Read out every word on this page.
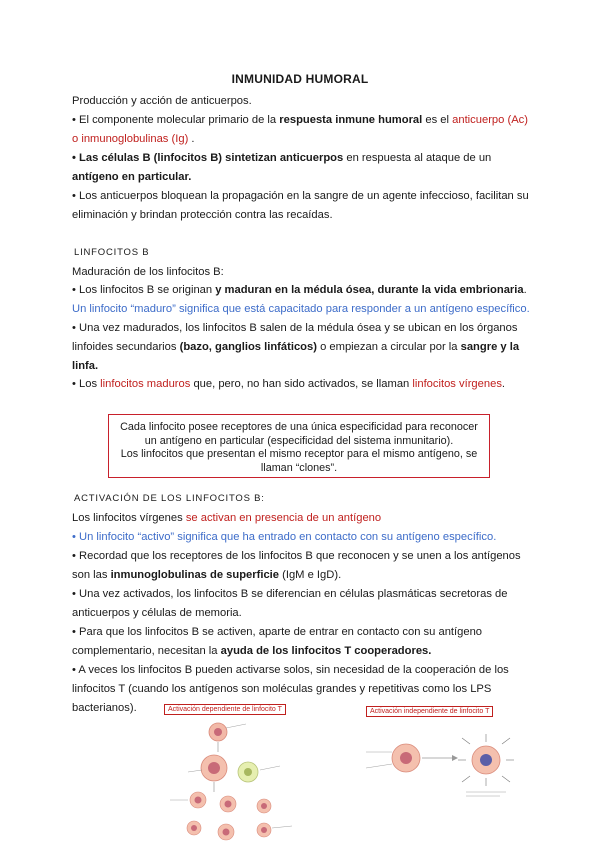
INMUNIDAD HUMORAL
Producción y acción de anticuerpos.
• El componente molecular primario de la respuesta inmune humoral es el anticuerpo (Ac) o inmunoglobulinas (Ig) .
• Las células B (linfocitos B) sintetizan anticuerpos en respuesta al ataque de un antígeno en particular.
• Los anticuerpos bloquean la propagación en la sangre de un agente infeccioso, facilitan su eliminación y brindan protección contra las recaídas.
LINFOCITOS B
Maduración de los linfocitos B:
• Los linfocitos B se originan y maduran en la médula ósea, durante la vida embrionaria.
Un linfocito “maduro” significa que está capacitado para responder a un antígeno específico.
• Una vez madurados, los linfocitos B salen de la médula ósea y se ubican en los órganos linfoides secundarios (bazo, ganglios linfáticos) o empiezan a circular por la sangre y la linfa.
• Los linfocitos maduros que, pero, no han sido activados, se llaman linfocitos vírgenes.
Cada linfocito posee receptores de una única especificidad para reconocer
un antígeno en particular (especificidad del sistema inmunitario).
Los linfocitos que presentan el mismo receptor para el mismo antígeno, se
llaman “clones”.
ACTIVACIÓN DE LOS LINFOCITOS B:
Los linfocitos vírgenes se activan en presencia de un antígeno
• Un linfocito “activo” significa que ha entrado en contacto con su antígeno específico.
• Recordad que los receptores de los linfocitos B que reconocen y se unen a los antígenos son las inmunoglobulinas de superficie (IgM e IgD).
• Una vez activados, los linfocitos B se diferencian en células plasmáticas secretoras de anticuerpos y células de memoria.
• Para que los linfocitos B se activen, aparte de entrar en contacto con su antígeno complementario, necesitan la ayuda de los linfocitos T cooperadores.
• A veces los linfocitos B pueden activarse solos, sin necesidad de la cooperación de los linfocitos T (cuando los antígenos son moléculas grandes y repetitivas como los LPS bacterianos).	Activación dependiente de linfocito T	Activación independiente de linfocito T
